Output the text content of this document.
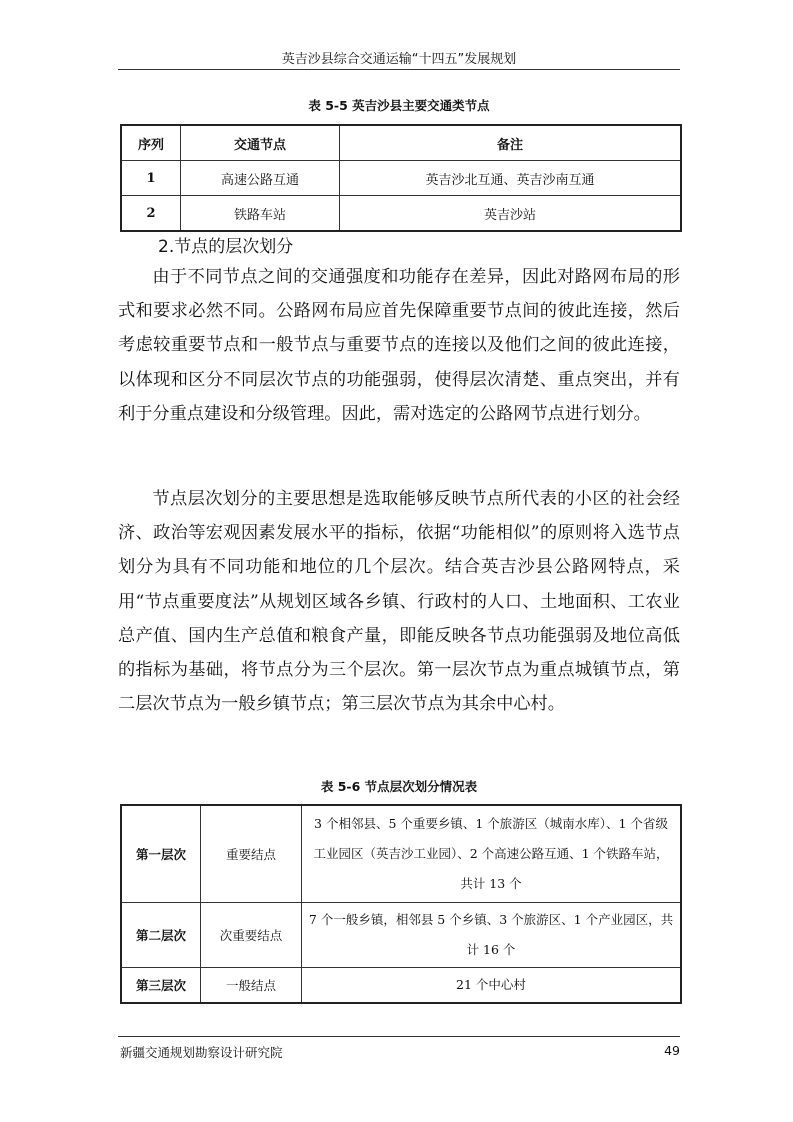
英吉沙县综合交通运输“十四五”发展规划
表 5-5 英吉沙县主要交通类节点
序列	交通节点	备注
1	高速公路互通	英吉沙北互通、英吉沙南互通
2	铁路车站	英吉沙站
2.节点的层次划分

由于不同节点之间的交通强度和功能存在差异，因此对路网布局的形式和要求必然不同。公路网布局应首先保障重要节点间的彼此连接，然后考虑较重要节点和一般节点与重要节点的连接以及他们之间的彼此连接，以体现和区分不同层次节点的功能强弱，使得层次清楚、重点突出，并有利于分重点建设和分级管理。因此，需对选定的公路网节点进行划分。

节点层次划分的主要思想是选取能够反映节点所代表的小区的社会经济、政治等宏观因素发展水平的指标，依据“功能相似”的原则将入选节点划分为具有不同功能和地位的几个层次。结合英吉沙县公路网特点，采用“节点重要度法”从规划区域各乡镇、行政村的人口、土地面积、工农业总产值、国内生产总值和粮食产量，即能反映各节点功能强弱及地位高低的指标为基础，将节点分为三个层次。第一层次节点为重点城镇节点，第二层次节点为一般乡镇节点；第三层次节点为其余中心村。

表 5-6 节点层次划分情况表
第一层次	重要结点	3 个相邻县、5 个重要乡镇、1 个旅游区（城南水库）、1 个省级工业园区（英吉沙工业园）、2 个高速公路互通、1 个铁路车站，共计 13 个
第二层次	次重要结点	7 个一般乡镇，相邻县 5 个乡镇、3 个旅游区、1 个产业园区，共计 16 个
第三层次	一般结点	21 个中心村
新疆交通规划勘察设计研究院	49
